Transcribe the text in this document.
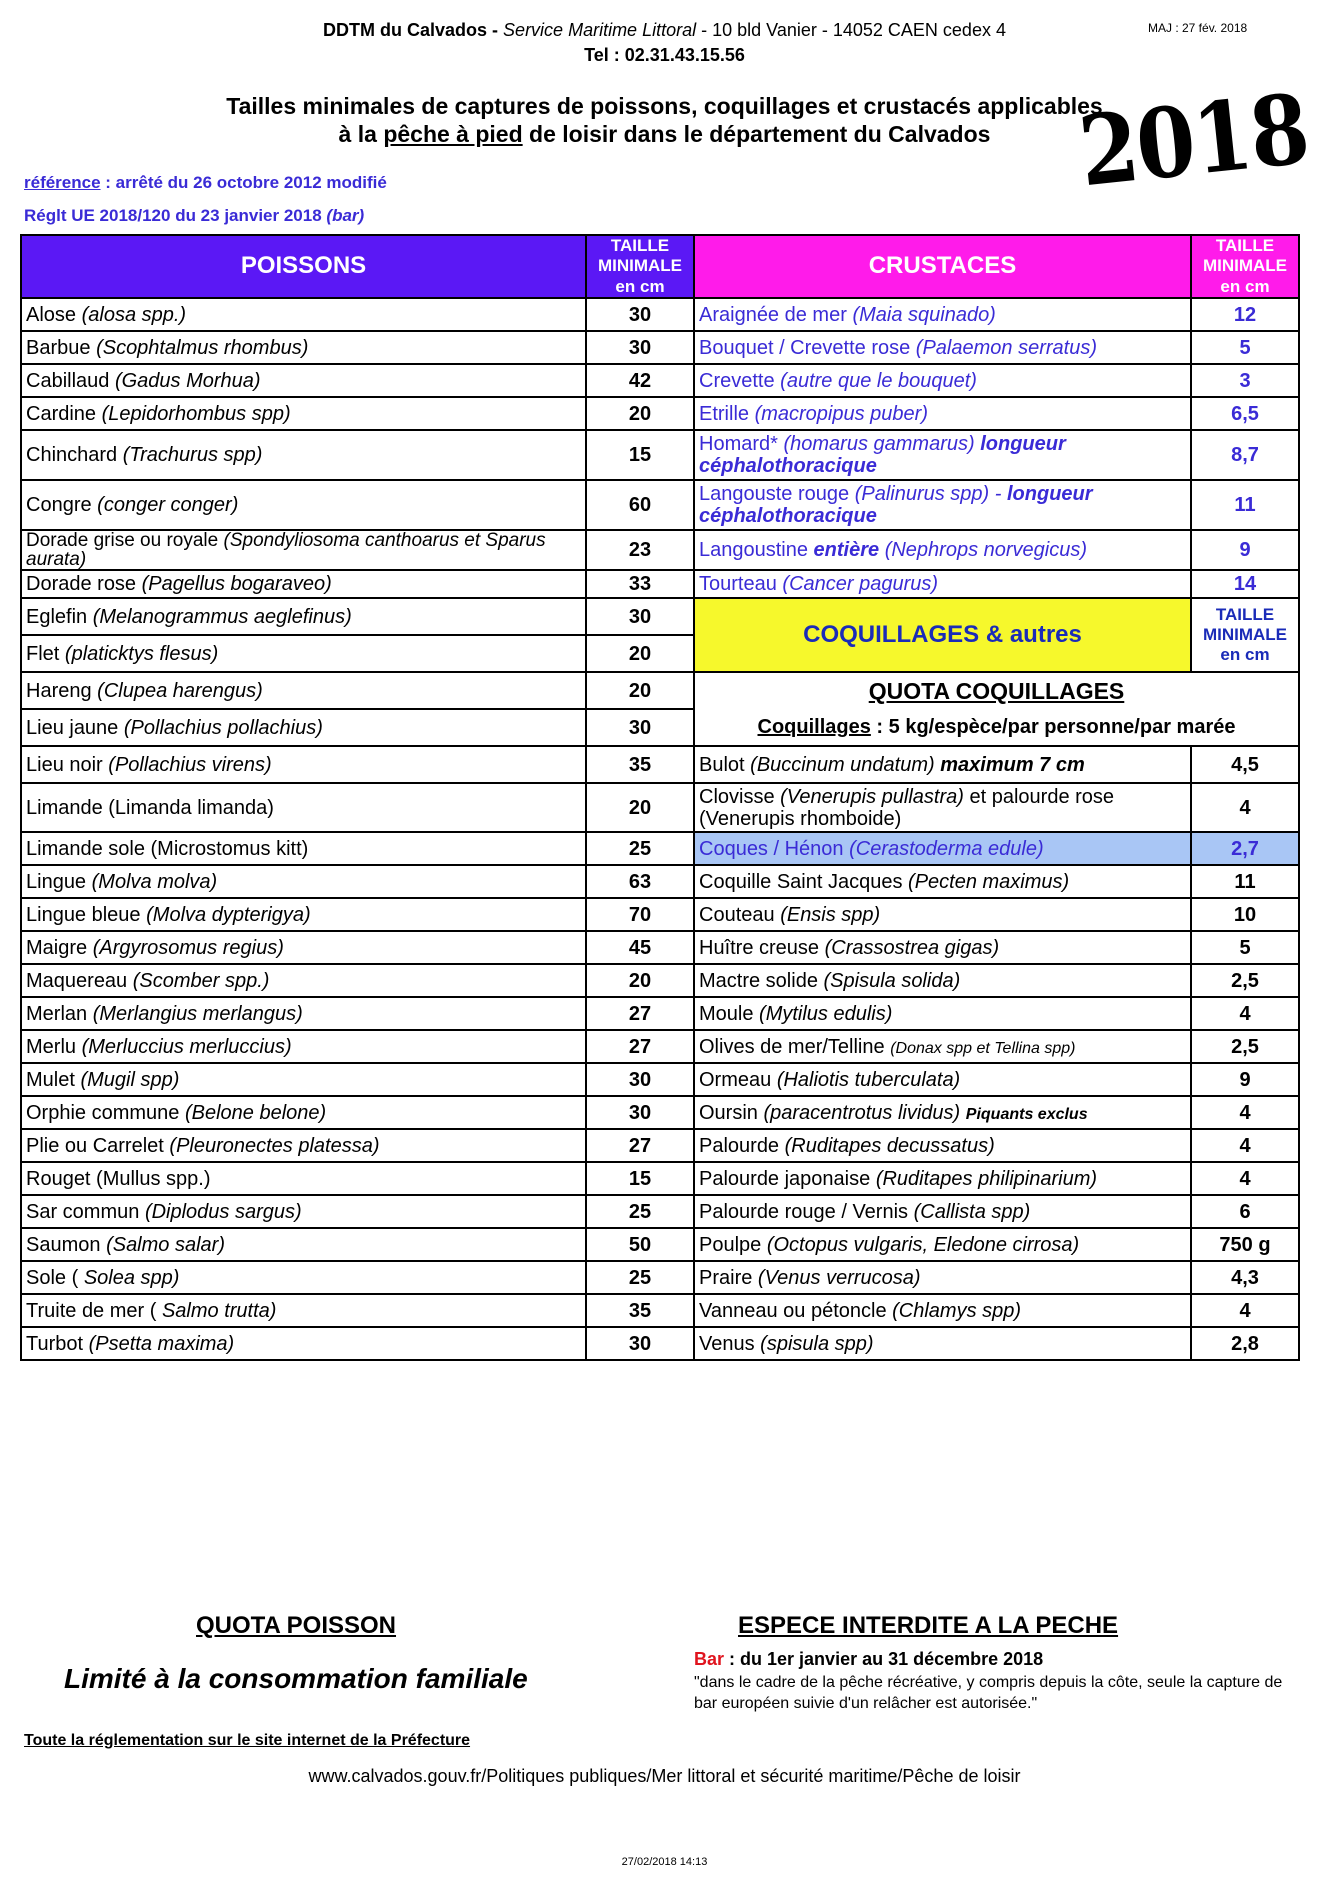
DDTM du Calvados - Service Maritime Littoral - 10 bld Vanier - 14052 CAEN cedex 4
Tel : 02.31.43.15.56
MAJ : 27 fév. 2018
Tailles minimales de captures de poissons, coquillages et crustacés applicables
à la pêche à pied de loisir dans le département du Calvados 2018
référence : arrêté du 26 octobre 2012 modifié
Réglt UE 2018/120 du 23 janvier 2018 (bar)
POISSONS	TAILLE MINIMALE en cm	CRUSTACES	TAILLE MINIMALE en cm
Alose (alosa spp.)	30	Araignée de mer (Maia squinado)	12
Barbue (Scophtalmus rhombus)	30	Bouquet / Crevette rose (Palaemon serratus)	5
Cabillaud (Gadus Morhua)	42	Crevette (autre que le bouquet)	3
Cardine (Lepidorhombus spp)	20	Etrille (macropipus puber)	6,5
Chinchard (Trachurus spp)	15	Homard* (homarus gammarus) longueur céphalothoracique	8,7
Congre (conger conger)	60	Langouste rouge (Palinurus spp) - longueur céphalothoracique	11
Dorade grise ou royale (Spondyliosoma canthoarus et Sparus aurata)	23	Langoustine entière (Nephrops norvegicus)	9
Dorade rose (Pagellus bogaraveo)	33	Tourteau (Cancer pagurus)	14
Eglefin (Melanogrammus aeglefinus)	30	COQUILLAGES & autres	TAILLE MINIMALE en cm
Flet (platicktys flesus)	20		
Hareng (Clupea harengus)	20	QUOTA COQUILLAGES	
Lieu jaune (Pollachius pollachius)	30	Coquillages : 5 kg/espèce/par personne/par marée	
Lieu noir (Pollachius virens)	35	Bulot (Buccinum undatum) maximum 7 cm	4,5
Limande (Limanda limanda)	20	Clovisse (Venerupis pullastra) et palourde rose (Venerupis rhomboide)	4
Limande sole (Microstomus kitt)	25	Coques / Hénon (Cerastoderma edule)	2,7
Lingue (Molva molva)	63	Coquille Saint Jacques (Pecten maximus)	11
Lingue bleue (Molva dypterigya)	70	Couteau (Ensis spp)	10
Maigre (Argyrosomus regius)	45	Huître creuse (Crassostrea gigas)	5
Maquereau (Scomber spp.)	20	Mactre solide (Spisula solida)	2,5
Merlan (Merlangius merlangus)	27	Moule (Mytilus edulis)	4
Merlu (Merluccius merluccius)	27	Olives de mer/Telline (Donax spp et Tellina spp)	2,5
Mulet (Mugil spp)	30	Ormeau (Haliotis tuberculata)	9
Orphie commune (Belone belone)	30	Oursin (paracentrotus lividus) Piquants exclus	4
Plie ou Carrelet (Pleuronectes platessa)	27	Palourde (Ruditapes decussatus)	4
Rouget (Mullus spp.)	15	Palourde japonaise (Ruditapes philipinarium)	4
Sar commun (Diplodus sargus)	25	Palourde rouge / Vernis (Callista spp)	6
Saumon (Salmo salar)	50	Poulpe (Octopus vulgaris, Eledone cirrosa)	750 g
Sole ( Solea spp)	25	Praire (Venus verrucosa)	4,3
Truite de mer ( Salmo trutta)	35	Vanneau ou pétoncle (Chlamys spp)	4
Turbot (Psetta maxima)	30	Venus (spisula spp)	2,8
QUOTA POISSON
Limité à la consommation familiale
ESPECE INTERDITE A LA PECHE
Bar : du 1er janvier au 31 décembre 2018
"dans le cadre de la pêche récréative, y compris depuis la côte, seule la capture de bar européen suivie d'un relâcher est autorisée."
Toute la réglementation sur le site internet de la Préfecture
www.calvados.gouv.fr/Politiques publiques/Mer littoral et sécurité maritime/Pêche de loisir
27/02/2018 14:13
